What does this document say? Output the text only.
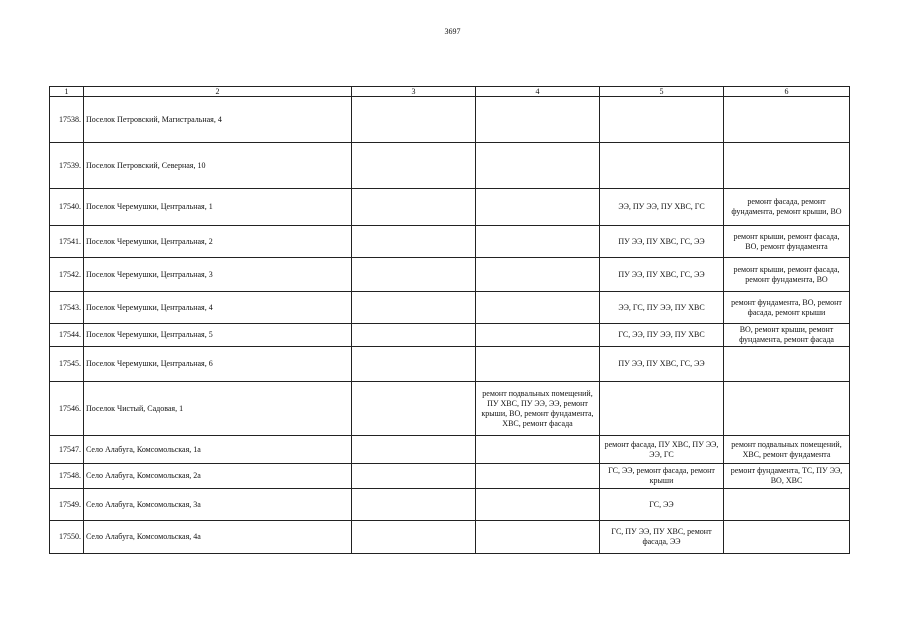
3697
1	2	3	4	5	6
17538.	Поселок Петровский, Магистральная, 4				
17539.	Поселок Петровский, Северная, 10				
17540.	Поселок Черемушки, Центральная, 1			ЭЭ, ПУ ЭЭ, ПУ ХВС, ГС	ремонт фасада, ремонт фундамента, ремонт крыши, ВО
17541.	Поселок Черемушки, Центральная, 2			ПУ ЭЭ, ПУ ХВС, ГС, ЭЭ	ремонт крыши, ремонт фасада, ВО, ремонт фундамента
17542.	Поселок Черемушки, Центральная, 3			ПУ ЭЭ, ПУ ХВС, ГС, ЭЭ	ремонт крыши, ремонт фасада, ремонт фундамента, ВО
17543.	Поселок Черемушки, Центральная, 4			ЭЭ, ГС, ПУ ЭЭ, ПУ ХВС	ремонт фундамента, ВО, ремонт фасада, ремонт крыши
17544.	Поселок Черемушки, Центральная, 5			ГС, ЭЭ, ПУ ЭЭ, ПУ ХВС	ВО, ремонт крыши, ремонт фундамента, ремонт фасада
17545.	Поселок Черемушки, Центральная, 6			ПУ ЭЭ, ПУ ХВС, ГС, ЭЭ	
17546.	Поселок Чистый, Садовая, 1		ремонт подвальных помещений, ПУ ХВС, ПУ ЭЭ, ЭЭ, ремонт крыши, ВО, ремонт фундамента, ХВС, ремонт фасада		
17547.	Село Алабуга, Комсомольская, 1а			ремонт фасада, ПУ ХВС, ПУ ЭЭ, ЭЭ, ГС	ремонт подвальных помещений, ХВС, ремонт фундамента
17548.	Село Алабуга, Комсомольская, 2а			ГС, ЭЭ, ремонт фасада, ремонт крыши	ремонт фундамента, ТС, ПУ ЭЭ, ВО, ХВС
17549.	Село Алабуга, Комсомольская, 3а			ГС, ЭЭ	
17550.	Село Алабуга, Комсомольская, 4а			ГС, ПУ ЭЭ, ПУ ХВС, ремонт фасада, ЭЭ	
